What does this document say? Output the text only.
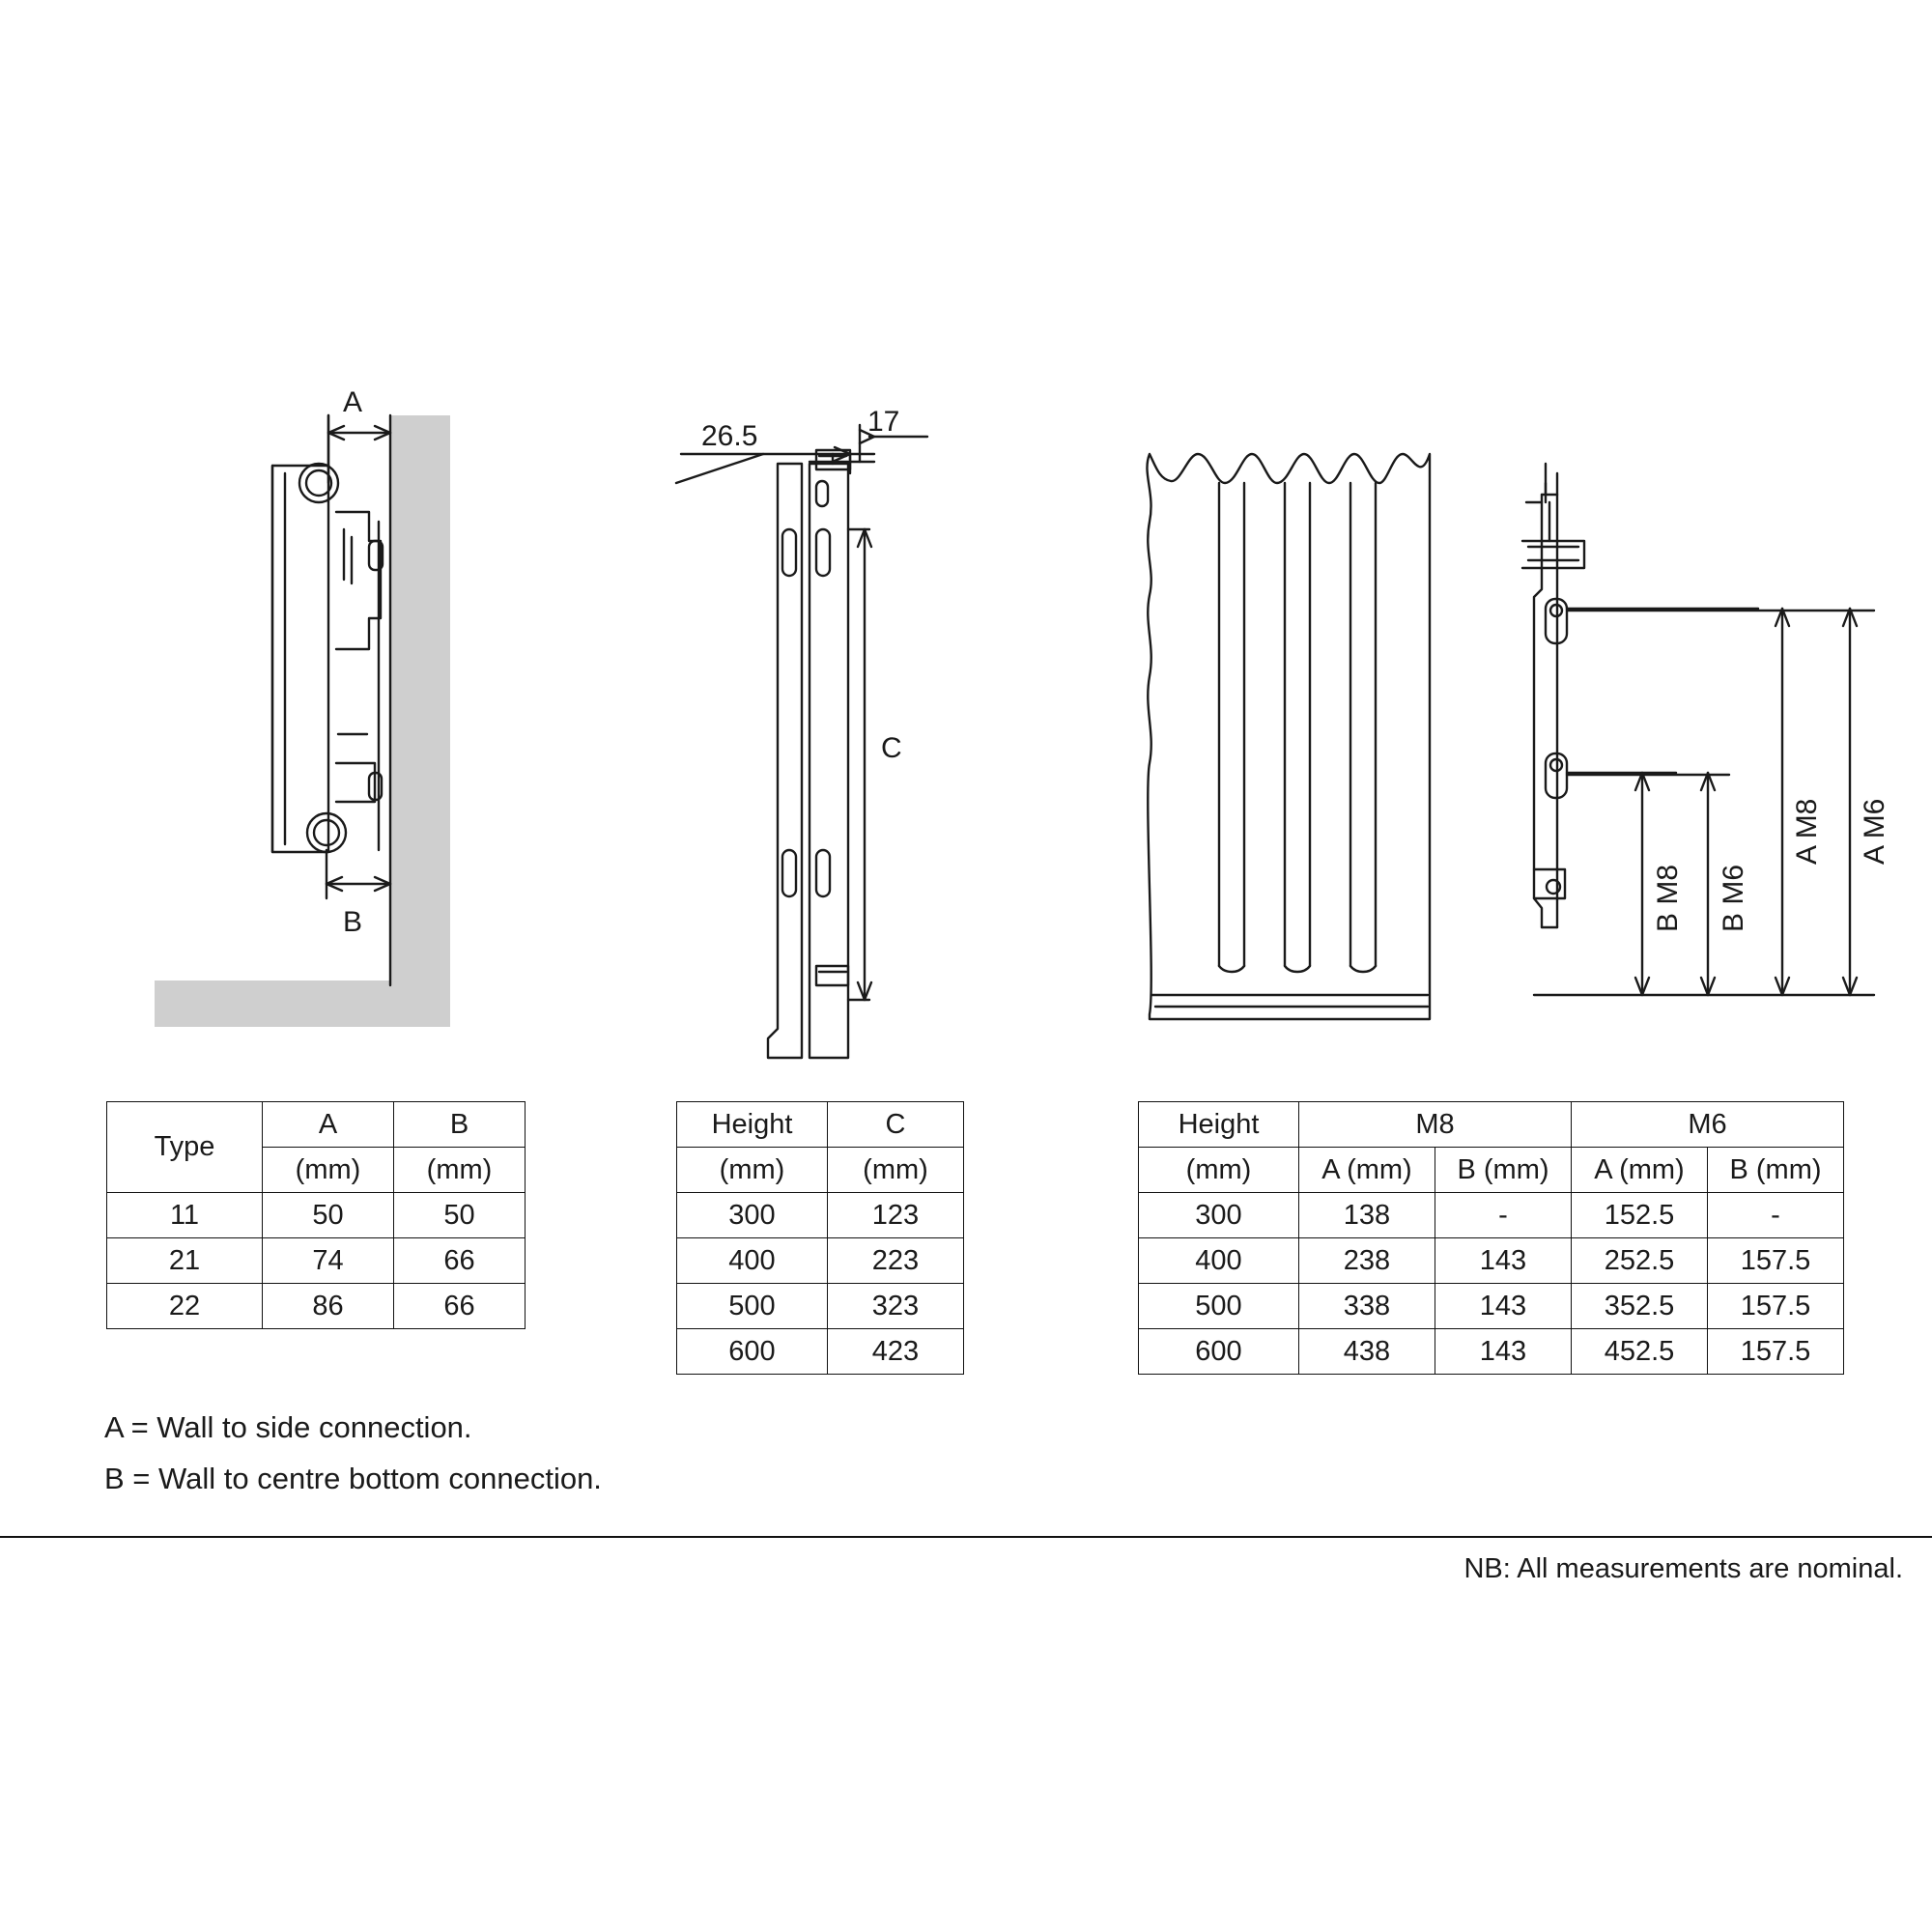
A
B
26.5	17
C
B M8 B M6
A M8 A M6
Type	A	B
	(mm)	(mm)
11	50	50
21	74	66
22	86	66
Height	C
(mm)	(mm)
300	123
400	223
500	323
600	423
Height	M8		M6	
(mm)	A (mm)	B (mm)	A (mm)	B (mm)
300	138	-	152.5	-
400	238	143	252.5	157.5
500	338	143	352.5	157.5
600	438	143	452.5	157.5
A = Wall to side connection.
B = Wall to centre bottom connection.
NB: All measurements are nominal.
